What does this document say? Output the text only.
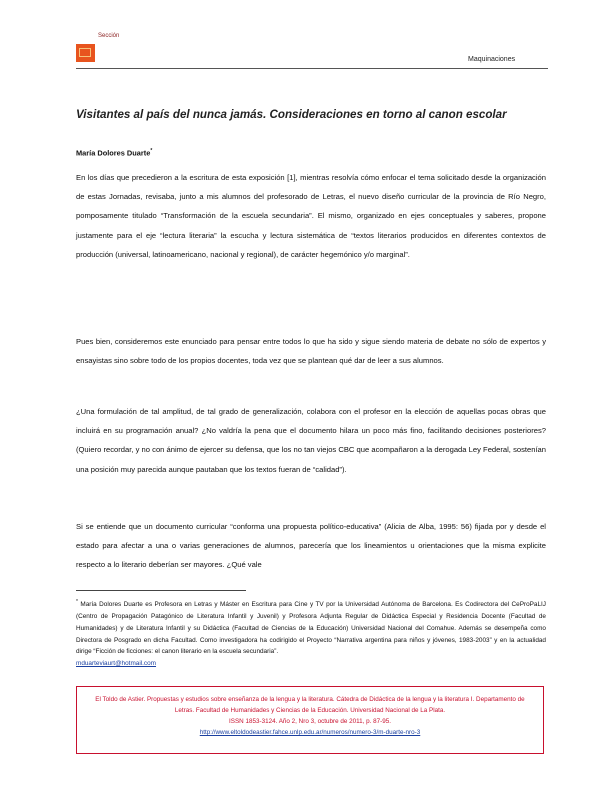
Sección
Maquinaciones
Visitantes al país del nunca jamás. Consideraciones en torno al canon escolar
María Dolores Duarte*
En los días que precedieron a la escritura de esta exposición [1], mientras resolvía cómo enfocar el tema solicitado desde la organización de estas Jornadas, revisaba, junto a mis alumnos del profesorado de Letras, el nuevo diseño curricular de la provincia de Río Negro, pomposamente titulado “Transformación de la escuela secundaria”. El mismo, organizado en ejes conceptuales y saberes, propone justamente para el eje “lectura literaria” la escucha y lectura sistemática de “textos literarios producidos en diferentes contextos de producción (universal, latinoamericano, nacional y regional), de carácter hegemónico y/o marginal”.
Pues bien, consideremos este enunciado para pensar entre todos lo que ha sido y sigue siendo materia de debate no sólo de expertos y ensayistas sino sobre todo de los propios docentes, toda vez que se plantean qué dar de leer a sus alumnos.
¿Una formulación de tal amplitud, de tal grado de generalización, colabora con el profesor en la elección de aquellas pocas obras que incluirá en su programación anual? ¿No valdría la pena que el documento hilara un poco más fino, facilitando decisiones posteriores? (Quiero recordar, y no con ánimo de ejercer su defensa, que los no tan viejos CBC que acompañaron a la derogada Ley Federal, sostenían una posición muy parecida aunque pautaban que los textos fueran de “calidad”).
Si se entiende que un documento curricular “conforma una propuesta político-educativa” (Alicia de Alba, 1995: 56) fijada por y desde el estado para afectar a una o varias generaciones de alumnos, parecería que los lineamientos u orientaciones que la misma explicite respecto a lo literario deberían ser mayores. ¿Qué vale
* María Dolores Duarte es Profesora en Letras y Máster en Escritura para Cine y TV por la Universidad Autónoma de Barcelona. Es Codirectora del CeProPaLIJ (Centro de Propagación Patagónico de Literatura Infantil y Juvenil) y Profesora Adjunta Regular de Didáctica Especial y Residencia Docente (Facultad de Humanidades) y de Literatura Infantil y su Didáctica (Facultad de Ciencias de la Educación) Universidad Nacional del Comahue. Además se desempeña como Directora de Posgrado en dicha Facultad. Como investigadora ha codirigido el Proyecto “Narrativa argentina para niños y jóvenes, 1983-2003” y en la actualidad dirige “Ficción de ficciones: el canon literario en la escuela secundaria”.
mduarteviaurt@hotmail.com
El Toldo de Astier. Propuestas y estudios sobre enseñanza de la lengua y la literatura. Cátedra de Didáctica de la lengua y la literatura I. Departamento de Letras. Facultad de Humanidades y Ciencias de la Educación. Universidad Nacional de La Plata.
ISSN 1853-3124. Año 2, Nro 3, octubre de 2011, p. 87-95.
http://www.eltoldodeastier.fahce.unlp.edu.ar/numeros/numero-3/m-duarte-nro-3
